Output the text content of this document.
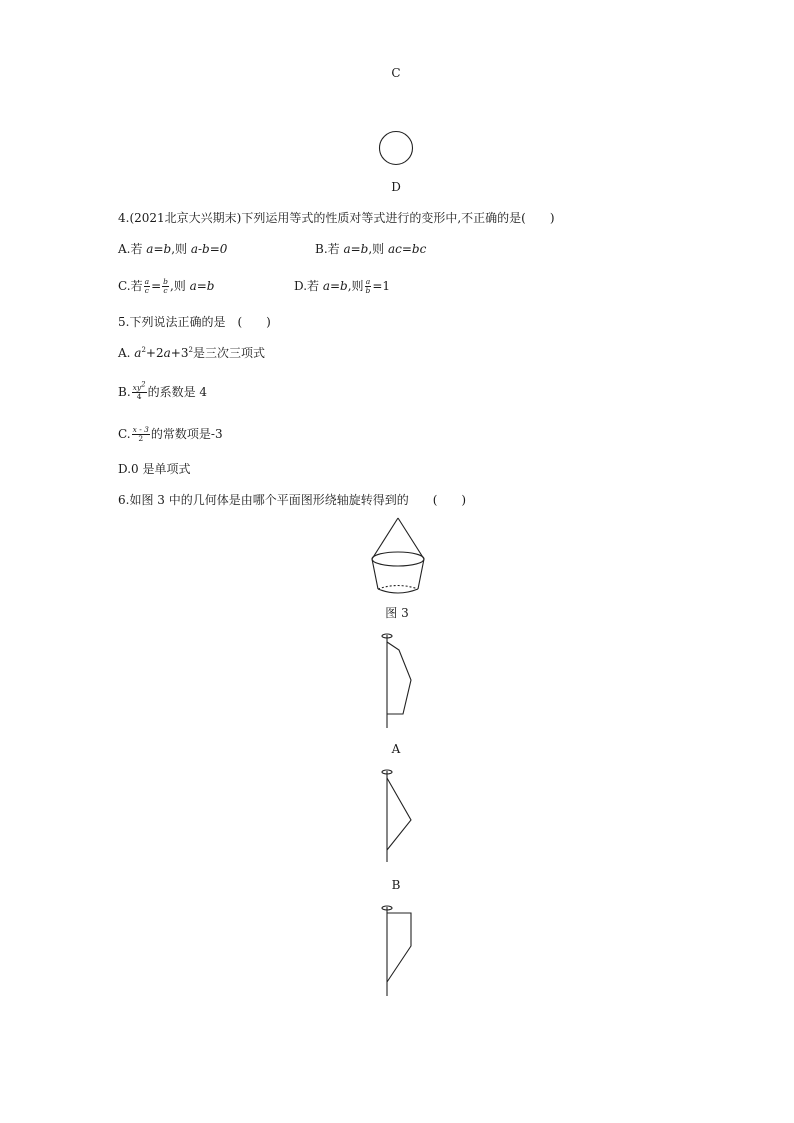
C
D
4.(2021北京大兴期末)下列运用等式的性质对等式进行的变形中,不正确的是(　　)
A.若 a=b,则 a-b=0	B.若 a=b,则 ac=bc
C.若 $\frac{a}{c} = \frac{b}{c}$ ,则 a=b	D.若 a=b,则 $\frac{a}{b} =1$
5.下列说法正确的是　(　　)
A. $a^2+2a+3^2$是三次三项式
B. $\frac{xy^2}{4}$ 的系数是 4
C. $\frac{x - 3}{2}$ 的常数项是-3
D.0 是单项式
6.如图 3 中的几何体是由哪个平面图形绕轴旋转得到的　　(　　)
图 3
A
B
